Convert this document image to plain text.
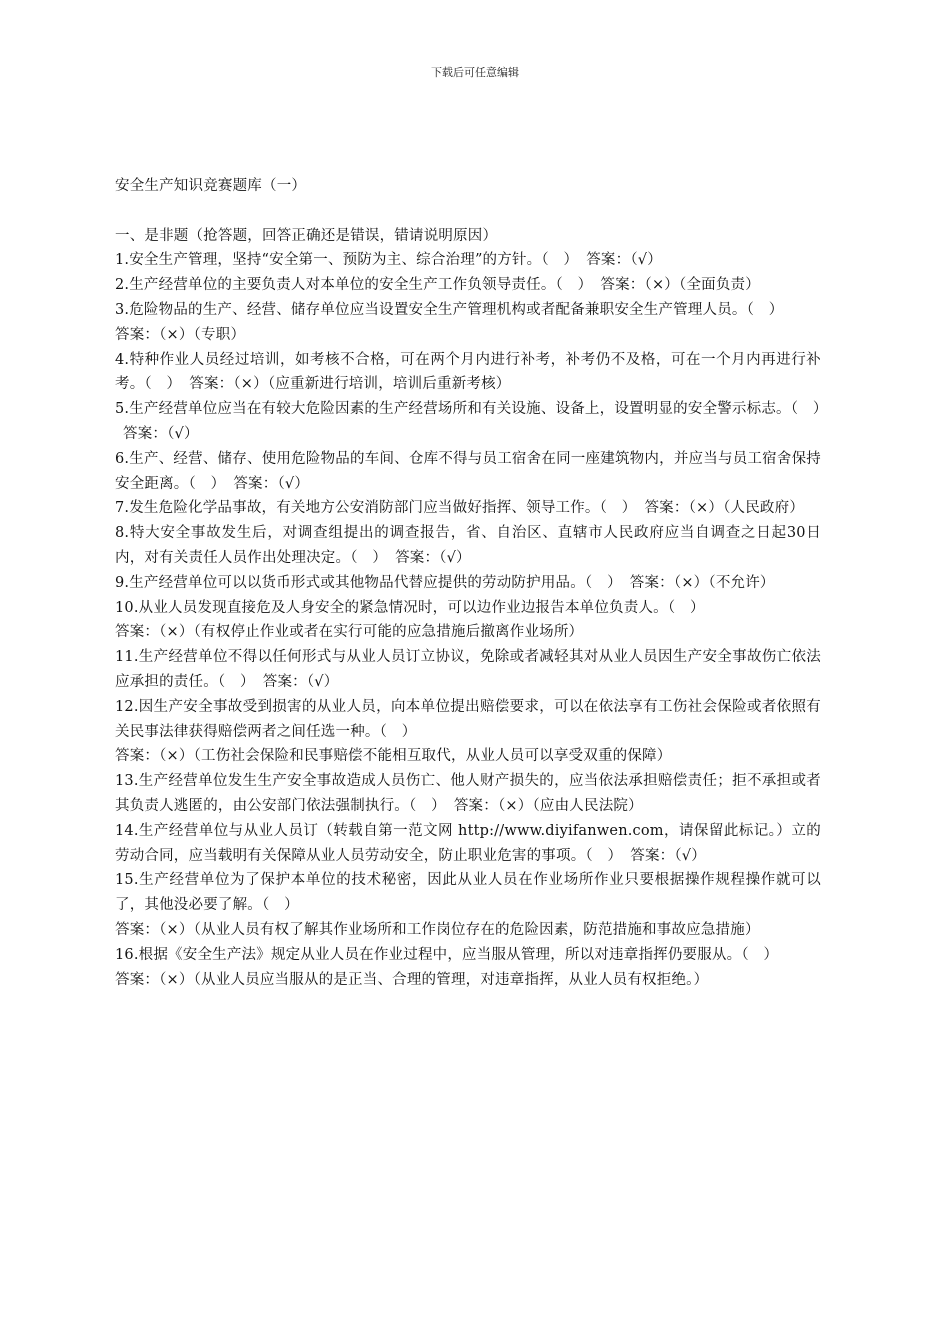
下载后可任意编辑
安全生产知识竞赛题库（一）

一、是非题（抢答题，回答正确还是错误，错请说明原因）

1.安全生产管理，坚持“安全第一、预防为主、综合治理”的方针。（　） 答案：（√）

2.生产经营单位的主要负责人对本单位的安全生产工作负领导责任。（　） 答案：（×）（全面负责）

3.危险物品的生产、经营、储存单位应当设置安全生产管理机构或者配备兼职安全生产管理人员。（　）

答案：（×）（专职）

4.特种作业人员经过培训，如考核不合格，可在两个月内进行补考，补考仍不及格，可在一个月内再进行补考。（　） 答案：（×）（应重新进行培训，培训后重新考核）

5.生产经营单位应当在有较大危险因素的生产经营场所和有关设施、设备上，设置明显的安全警示标志。（　）答案：（√）

6.生产、经营、储存、使用危险物品的车间、仓库不得与员工宿舍在同一座建筑物内，并应当与员工宿舍保持安全距离。（　） 答案：（√）

7.发生危险化学品事故，有关地方公安消防部门应当做好指挥、领导工作。（　） 答案：（×）（人民政府）

8.特大安全事故发生后，对调查组提出的调查报告，省、自治区、直辖市人民政府应当自调查之日起30日内，对有关责任人员作出处理决定。（　） 答案：（√）

9.生产经营单位可以以货币形式或其他物品代替应提供的劳动防护用品。（　） 答案：（×）（不允许）

10.从业人员发现直接危及人身安全的紧急情况时，可以边作业边报告本单位负责人。（　）

答案：（×）（有权停止作业或者在实行可能的应急措施后撤离作业场所）

11.生产经营单位不得以任何形式与从业人员订立协议，免除或者减轻其对从业人员因生产安全事故伤亡依法应承担的责任。（　） 答案：（√）

12.因生产安全事故受到损害的从业人员，向本单位提出赔偿要求，可以在依法享有工伤社会保险或者依照有关民事法律获得赔偿两者之间任选一种。（　）

答案：（×）（工伤社会保险和民事赔偿不能相互取代，从业人员可以享受双重的保障）

13.生产经营单位发生生产安全事故造成人员伤亡、他人财产损失的，应当依法承担赔偿责任；拒不承担或者其负责人逃匿的，由公安部门依法强制执行。（　） 答案：（×）（应由人民法院）

14.生产经营单位与从业人员订（转载自第一范文网 http://www.diyifanwen.com，请保留此标记。）立的劳动合同，应当载明有关保障从业人员劳动安全，防止职业危害的事项。（　） 答案：（√）

15.生产经营单位为了保护本单位的技术秘密，因此从业人员在作业场所作业只要根据操作规程操作就可以了，其他没必要了解。（　）

答案：（×）（从业人员有权了解其作业场所和工作岗位存在的危险因素，防范措施和事故应急措施）

16.根据《安全生产法》规定从业人员在作业过程中，应当服从管理，所以对违章指挥仍要服从。（　）

答案：（×）（从业人员应当服从的是正当、合理的管理，对违章指挥，从业人员有权拒绝。）
